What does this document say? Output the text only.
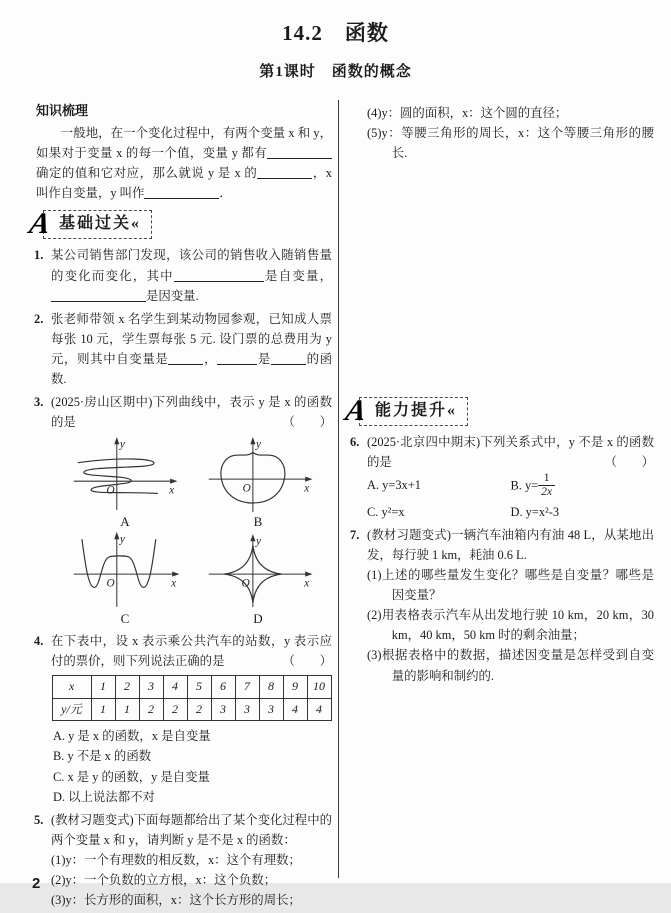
14.2　函数
第1课时　函数的概念
知识梳理

一般地，在一个变化过程中，有两个变量 x 和 y，如果对于变量 x 的每一个值，变量 y 都有确定的值和它对应，那么就说 y 是 x 的	，x 叫作自变量，y 叫作	．

A 基础过关«
1. 某公司销售部门发现，该公司的销售收入随销售量的变化而变化，其中	是自变量，是因变量.
2. 张老师带领 x 名学生到某动物园参观，已知成人票每张 10 元，学生票每张 5 元. 设门票的总费用为 y 元，则其中自变量是	，	是	的函数.
3. (2025·房山区期中)下列曲线中，表示 y 是 x 的函数的是	（　　）
y
x
O
A
y
x
O
B
y
x
O
C
y
x
O
D
4. 在下表中，设 x 表示乘公共汽车的站数，y 表示应付的票价，则下列说法正确的是	（　　）
x	1	2	3	4	5	6	7	8	9	10
y/元	1	1	2	2	2	3	3	3	4	4
A. y 是 x 的函数，x 是自变量
B. y 不是 x 的函数
C. x 是 y 的函数，y 是自变量
D. 以上说法都不对
5. (教材习题变式)下面每题都给出了某个变化过程中的两个变量 x 和 y，请判断 y 是不是 x 的函数：
(1)y：一个有理数的相反数，x：这个有理数；
(2)y：一个负数的立方根，x：这个负数；
(3)y：长方形的面积，x：这个长方形的周长；
(4)y：圆的面积，x：这个圆的直径；
(5)y：等腰三角形的周长，x：这个等腰三角形的腰长.
A 能力提升«
6. (2025·北京四中期末)下列关系式中，y 不是 x 的函数的是	（　　）
A. y=3x+1	B. $y= \frac{1}{2x}$
C. y²=x	D. y=x²-3
7. (教材习题变式)一辆汽车油箱内有油 48 L，从某地出发，每行驶 1 km，耗油 0.6 L.
(1)上述的哪些量发生变化？哪些是自变量？哪些是因变量？
(2)用表格表示汽车从出发地行驶 10 km，20 km，30 km，40 km，50 km 时的剩余油量；
(3)根据表格中的数据，描述因变量是怎样受到自变量的影响和制约的.
2
